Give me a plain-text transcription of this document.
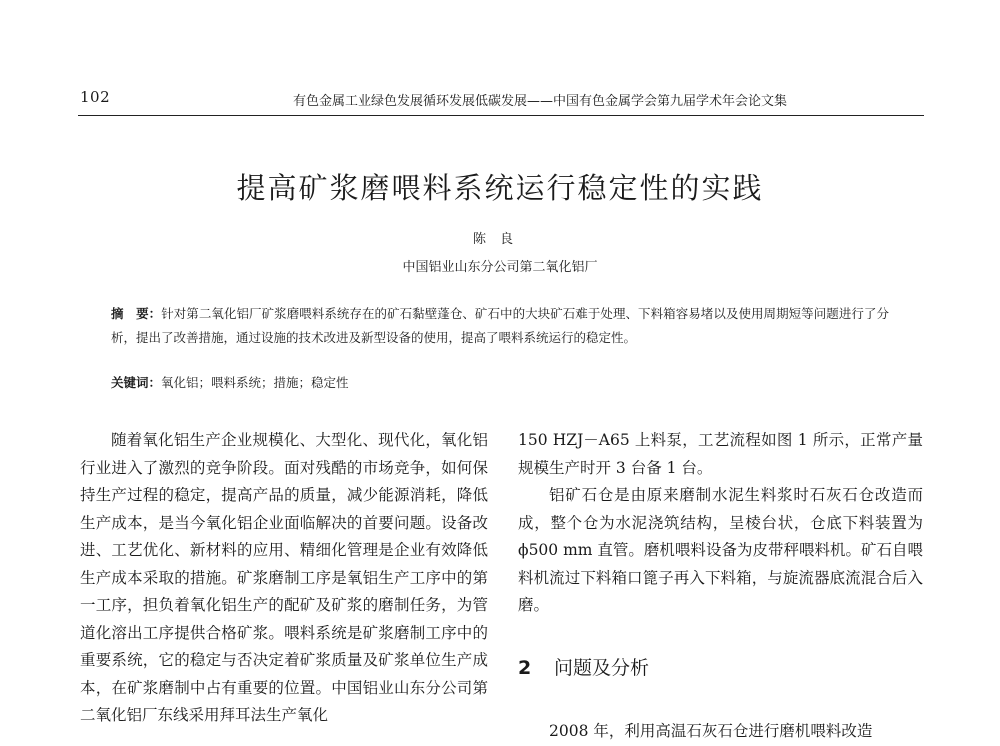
102	有色金属工业绿色发展循环发展低碳发展——中国有色金属学会第九届学术年会论文集
提高矿浆磨喂料系统运行稳定性的实践
陈良
中国铝业山东分公司第二氧化铝厂
摘　要：针对第二氧化铝厂矿浆磨喂料系统存在的矿石黏壁蓬仓、矿石中的大块矿石难于处理、下料箱容易堵以及使用周期短等问题进行了分析，提出了改善措施，通过设施的技术改进及新型设备的使用，提高了喂料系统运行的稳定性。
关键词：氧化铝；喂料系统；措施；稳定性

随着氧化铝生产企业规模化、大型化、现代化，氧化铝行业进入了激烈的竞争阶段。面对残酷的市场竞争，如何保持生产过程的稳定，提高产品的质量，减少能源消耗，降低生产成本，是当今氧化铝企业面临解决的首要问题。设备改进、工艺优化、新材料的应用、精细化管理是企业有效降低生产成本采取的措施。矿浆磨制工序是氧铝生产工序中的第一工序，担负着氧化铝生产的配矿及矿浆的磨制任务，为管道化溶出工序提供合格矿浆。喂料系统是矿浆磨制工序中的重要系统，它的稳定与否决定着矿浆质量及矿浆单位生产成本，在矿浆磨制中占有重要的位置。中国铝业山东分公司第二氧化铝厂东线采用拜耳法生产氧化

150 HZJ－A65 上料泵，工艺流程如图 1 所示，正常产量规模生产时开 3 台备 1 台。

铝矿石仓是由原来磨制水泥生料浆时石灰石仓改造而成，整个仓为水泥浇筑结构，呈棱台状，仓底下料装置为 ϕ500 mm 直管。磨机喂料设备为皮带秤喂料机。矿石自喂料机流过下料箱口篦子再入下料箱，与旋流器底流混合后入磨。

2 问题及分析

2008 年，利用高温石灰石仓进行磨机喂料改造
